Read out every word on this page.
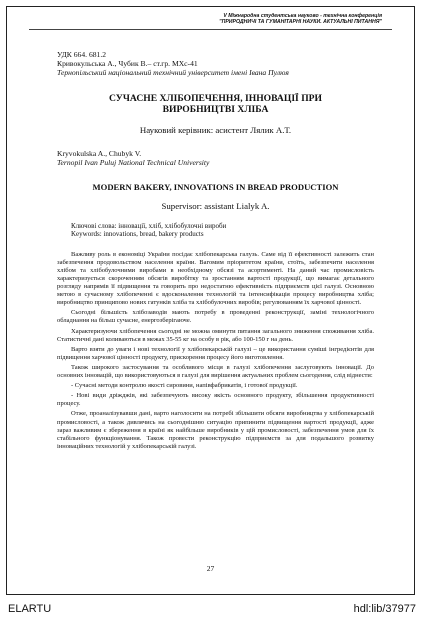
V Міжнародна студентська науково - технічна конференція
"ПРИРОДНИЧІ ТА ГУМАНІТАРНІ НАУКИ. АКТУАЛЬНІ ПИТАННЯ"
УДК 664. 681.2
Кривокульська А., Чубик В.– ст.гр. МХс-41
Тернопільський національний технічний університет імені Івана Пулюя
СУЧАСНЕ ХЛІБОПЕЧЕННЯ, ІННОВАЦІЇ ПРИ
ВИРОБНИЦТВІ ХЛІБА
Науковий керівник: асистент Лялик А.Т.
Kryvokulska A., Chubyk V.
Ternopil Ivan Puluj National Technical University
MODERN BAKERY, INNOVATIONS IN BREAD PRODUCTION
Supervisor: assistant Lialyk A.
Ключові слова: інновації, хліб, хлібобулочні вироби
Keywords: innovations, bread, bakery products

Важливу роль в економіці України посідає хлібопекарська галузь. Саме від її ефективності залежить стан забезпечення продовольством населення країни. Вагомим пріоритетом країни, стоїть, забезпечити населення хлібом та хлібобулочними виробами в необхідному обсязі та асортименті. На даний час промисловість характеризується скороченням обсягів виробітку та зростанням вартості продукції, що вимагає детального розгляду напрямів її підвищення та говорить про недостатню ефективність підприємств цієї галузі. Основною метою в сучасному хлібопеченні є вдосконалення технологій та інтенсифікація процесу виробництва хліба; виробництво принципово нових гатунків хліба та хлібобулочних виробів; регулюванням їх харчової цінності.

Сьогодні більшість хлібозаводів мають потребу в проведенні реконструкції, заміні технологічного обладнання на більш сучасне, енергозберігаюче.

Характеризуючи хлібопечення сьогодні не можна оминути питання загального зниження споживання хліба. Статистичні дані коливаються в межах 35-55 кг на особу в рік, або 100-150 г на день.

Варто взяти до уваги і нові технології у хлібопекарській галузі – це використання суміші інгредієнтів для підвищення харчової цінності продукту, прискорення процесу його виготовлення.

Також широкого застосування та особливого місця в галузі хлібопечення заслуговують інновації. До основних інновацій, що використовуються в галузі для вирішення актуальних проблем сьогодення, слід віднести:

- Сучасні методи контролю якості сировини, напівфабрикатів, і готової продукції.

- Нові види дріжджів, які забезпечують високу якість основного продукту, збільшення продуктивності процесу.

Отже, проаналізувавши дані, варто наголосити на потребі збільшити обсяги виробництва у хлібопекарській промисловості, а також дивлячись на сьогоднішню ситуацію припинити підвищення вартості продукції, адже зараз важливим є збереження в країні як найбільше виробників у цій промисловості, забезпечення умов для їх стабільного функціонування. Також провести реконструкцію підприємств за для подальшого розвитку інноваційних технологій у хлібопекарській галузі.

27
ELARTU	hdl:lib/37977
